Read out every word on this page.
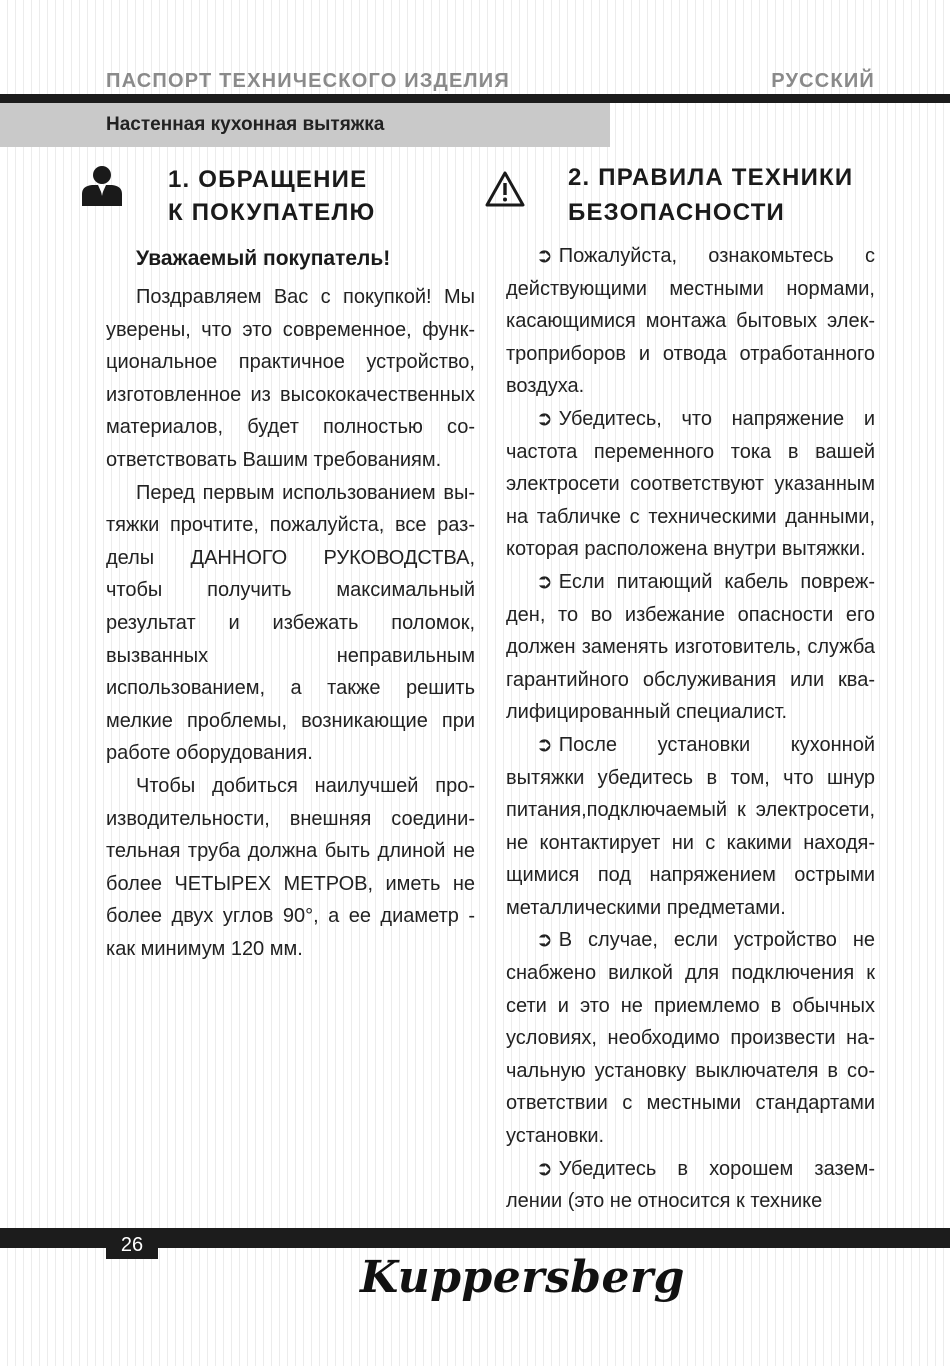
ПАСПОРТ ТЕХНИЧЕСКОГО ИЗДЕЛИЯ	РУССКИЙ
Настенная кухонная вытяжка
1. ОБРАЩЕНИЕ
К ПОКУПАТЕЛЮ
Уважаемый покупатель!

Поздравляем Вас с покупкой! Мы уверены, что это современное, функциональное практичное устройство, изготовленное из высококачественных материалов, будет полностью соответствовать Вашим требованиям.

Перед первым использованием вытяжки прочтите, пожалуйста, все разделы ДАННОГО РУКОВОДСТВА, чтобы получить максимальный результат и избежать поломок, вызванных неправильным использованием, а также решить мелкие проблемы, возникающие при работе оборудования.

Чтобы добиться наилучшей производительности, внешняя соединительная труба должна быть длиной не более ЧЕТЫРЕХ МЕТРОВ, иметь не более двух углов 90°, а ее диаметр - как минимум 120 мм.

2. ПРАВИЛА ТЕХНИКИ
БЕЗОПАСНОСТИ
➲ Пожалуйста, ознакомьтесь с действующими местными нормами, касающимися монтажа бытовых электроприборов и отвода отработанного воздуха.
➲ Убедитесь, что напряжение и частота переменного тока в вашей электросети соответствуют указанным на табличке с техническими данными, которая расположена внутри вытяжки.
➲ Если питающий кабель поврежден, то во избежание опасности его должен заменять изготовитель, служба гарантийного обслуживания или квалифицированный специалист.
➲ После установки кухонной вытяжки убедитесь в том, что шнур питания,подключаемый к электросети, не контактирует ни с какими находящимися под напряжением острыми металлическими предметами.
➲ В случае, если устройство не снабжено вилкой для подключения к сети и это не приемлемо в обычных условиях, необходимо произвести начальную установку выключателя в соответствии с местными стандартами установки.
➲ Убедитесь в хорошем заземлении (это не относится к технике
26
Kuppersberg
